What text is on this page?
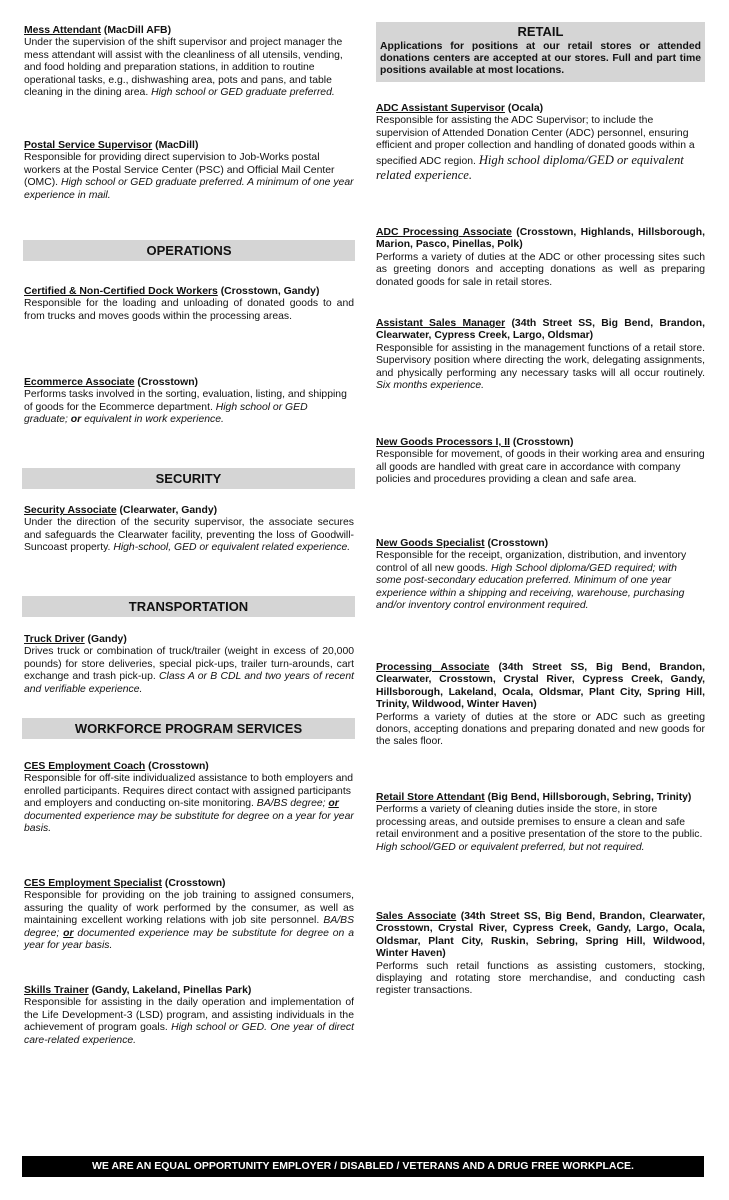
Mess Attendant (MacDill AFB)

Under the supervision of the shift supervisor and project manager the mess attendant will assist with the cleanliness of all utensils, vending, and food holding and preparation stations, in addition to routine operational tasks, e.g., dishwashing area, pots and pans, and table cleaning in the dining area. High school or GED graduate preferred.

Postal Service Supervisor (MacDill)

Responsible for providing direct supervision to Job-Works postal workers at the Postal Service Center (PSC) and Official Mail Center (OMC). High school or GED graduate preferred. A minimum of one year experience in mail.

OPERATIONS
Certified & Non-Certified Dock Workers (Crosstown, Gandy)

Responsible for the loading and unloading of donated goods to and from trucks and moves goods within the processing areas.

Ecommerce Associate (Crosstown)

Performs tasks involved in the sorting, evaluation, listing, and shipping of goods for the Ecommerce department. High school or GED graduate; or equivalent in work experience.

SECURITY
Security Associate (Clearwater, Gandy)

Under the direction of the security supervisor, the associate secures and safeguards the Clearwater facility, preventing the loss of Goodwill-Suncoast property. High-school, GED or equivalent related experience.

TRANSPORTATION
Truck Driver (Gandy)

Drives truck or combination of truck/trailer (weight in excess of 20,000 pounds) for store deliveries, special pick-ups, trailer turn-arounds, cart exchange and trash pick-up. Class A or B CDL and two years of recent and verifiable experience.

WORKFORCE PROGRAM SERVICES
CES Employment Coach (Crosstown)

Responsible for off-site individualized assistance to both employers and enrolled participants. Requires direct contact with assigned participants and employers and conducting on-site monitoring. BA/BS degree; or documented experience may be substitute for degree on a year for year basis.

CES Employment Specialist (Crosstown)

Responsible for providing on the job training to assigned consumers, assuring the quality of work performed by the consumer, as well as maintaining excellent working relations with job site personnel. BA/BS degree; or documented experience may be substitute for degree on a year for year basis.

Skills Trainer (Gandy, Lakeland, Pinellas Park)

Responsible for assisting in the daily operation and implementation of the Life Development-3 (LSD) program, and assisting individuals in the achievement of program goals. High school or GED. One year of direct care-related experience.

RETAIL
Applications for positions at our retail stores or attended donations centers are accepted at our stores. Full and part time positions available at most locations.
ADC Assistant Supervisor (Ocala)

Responsible for assisting the ADC Supervisor; to include the supervision of Attended Donation Center (ADC) personnel, ensuring efficient and proper collection and handling of donated goods within a specified ADC region. High school diploma/GED or equivalent related experience.

ADC Processing Associate (Crosstown, Highlands, Hillsborough, Marion, Pasco, Pinellas, Polk)

Performs a variety of duties at the ADC or other processing sites such as greeting donors and accepting donations as well as preparing donated goods for sale in retail stores.

Assistant Sales Manager (34th Street SS, Big Bend, Brandon, Clearwater, Cypress Creek, Largo, Oldsmar)

Responsible for assisting in the management functions of a retail store. Supervisory position where directing the work, delegating assignments, and physically performing any necessary tasks will all occur routinely. Six months experience.

New Goods Processors I, II (Crosstown)

Responsible for movement, of goods in their working area and ensuring all goods are handled with great care in accordance with company policies and procedures providing a clean and safe area.

New Goods Specialist (Crosstown)

Responsible for the receipt, organization, distribution, and inventory control of all new goods. High School diploma/GED required; with some post-secondary education preferred. Minimum of one year experience within a shipping and receiving, warehouse, purchasing and/or inventory control environment required.

Processing Associate (34th Street SS, Big Bend, Brandon, Clearwater, Crosstown, Crystal River, Cypress Creek, Gandy, Hillsborough, Lakeland, Ocala, Oldsmar, Plant City, Spring Hill, Trinity, Wildwood, Winter Haven)

Performs a variety of duties at the store or ADC such as greeting donors, accepting donations and preparing donated and new goods for the sales floor.

Retail Store Attendant (Big Bend, Hillsborough, Sebring, Trinity)

Performs a variety of cleaning duties inside the store, in store processing areas, and outside premises to ensure a clean and safe retail environment and a positive presentation of the store to the public. High school/GED or equivalent preferred, but not required.

Sales Associate (34th Street SS, Big Bend, Brandon, Clearwater, Crosstown, Crystal River, Cypress Creek, Gandy, Largo, Ocala, Oldsmar, Plant City, Ruskin, Sebring, Spring Hill, Wildwood, Winter Haven)

Performs such retail functions as assisting customers, stocking, displaying and rotating store merchandise, and conducting cash register transactions.

WE ARE AN EQUAL OPPORTUNITY EMPLOYER / DISABLED / VETERANS AND A DRUG FREE WORKPLACE.
